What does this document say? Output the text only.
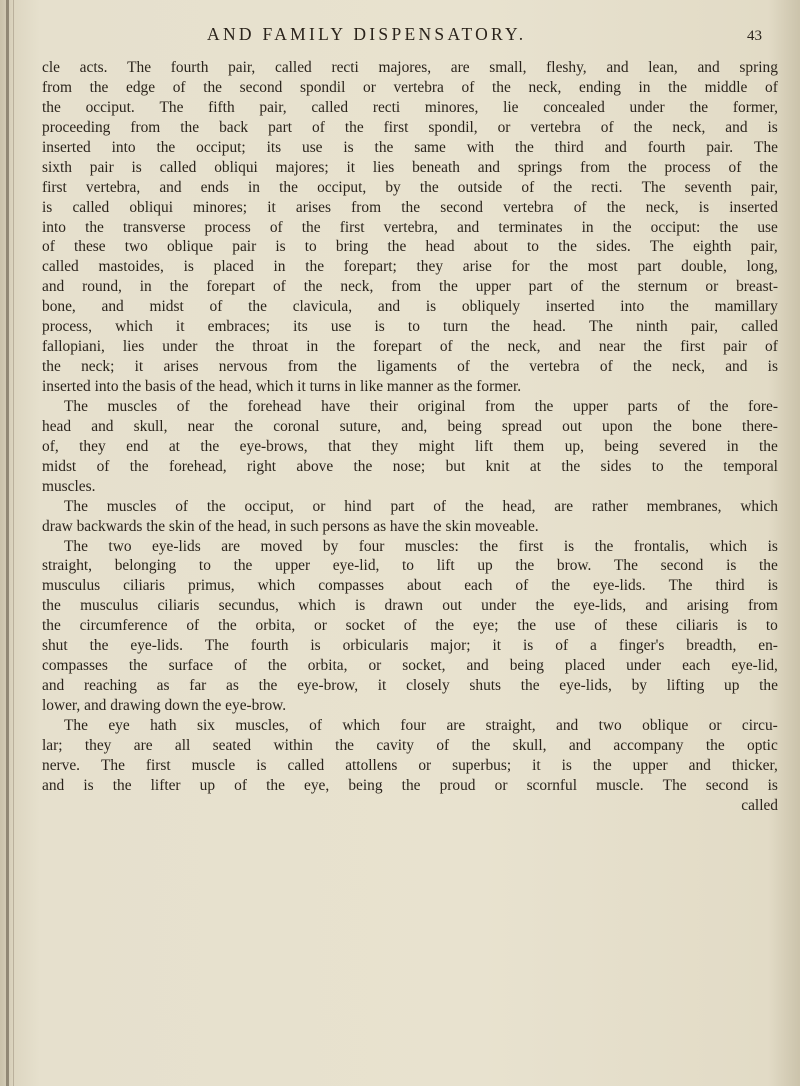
AND FAMILY DISPENSATORY.	43
cle acts. The fourth pair, called recti majores, are small, fleshy, and lean, and spring
from the edge of the second spondil or vertebra of the neck, ending in the middle of
the occiput. The fifth pair, called recti minores, lie concealed under the former,
proceeding from the back part of the first spondil, or vertebra of the neck, and is
inserted into the occiput; its use is the same with the third and fourth pair. The
sixth pair is called obliqui majores; it lies beneath and springs from the process of the
first vertebra, and ends in the occiput, by the outside of the recti. The seventh pair,
is called obliqui minores; it arises from the second vertebra of the neck, is inserted
into the transverse process of the first vertebra, and terminates in the occiput: the use
of these two oblique pair is to bring the head about to the sides. The eighth pair,
called mastoides, is placed in the forepart; they arise for the most part double, long,
and round, in the forepart of the neck, from the upper part of the sternum or breast-
bone, and midst of the clavicula, and is obliquely inserted into the mamillary
process, which it embraces; its use is to turn the head. The ninth pair, called
fallopiani, lies under the throat in the forepart of the neck, and near the first pair of
the neck; it arises nervous from the ligaments of the vertebra of the neck, and is
inserted into the basis of the head, which it turns in like manner as the former.
The muscles of the forehead have their original from the upper parts of the fore-
head and skull, near the coronal suture, and, being spread out upon the bone there-
of, they end at the eye-brows, that they might lift them up, being severed in the
midst of the forehead, right above the nose; but knit at the sides to the temporal
muscles.
The muscles of the occiput, or hind part of the head, are rather membranes, which
draw backwards the skin of the head, in such persons as have the skin moveable.
The two eye-lids are moved by four muscles: the first is the frontalis, which is
straight, belonging to the upper eye-lid, to lift up the brow. The second is the
musculus ciliaris primus, which compasses about each of the eye-lids. The third is
the musculus ciliaris secundus, which is drawn out under the eye-lids, and arising from
the circumference of the orbita, or socket of the eye; the use of these ciliaris is to
shut the eye-lids. The fourth is orbicularis major; it is of a finger's breadth, en-
compasses the surface of the orbita, or socket, and being placed under each eye-lid,
and reaching as far as the eye-brow, it closely shuts the eye-lids, by lifting up the
lower, and drawing down the eye-brow.
The eye hath six muscles, of which four are straight, and two oblique or circu-
lar; they are all seated within the cavity of the skull, and accompany the optic
nerve. The first muscle is called attollens or superbus; it is the upper and thicker,
and is the lifter up of the eye, being the proud or scornful muscle. The second is
called
